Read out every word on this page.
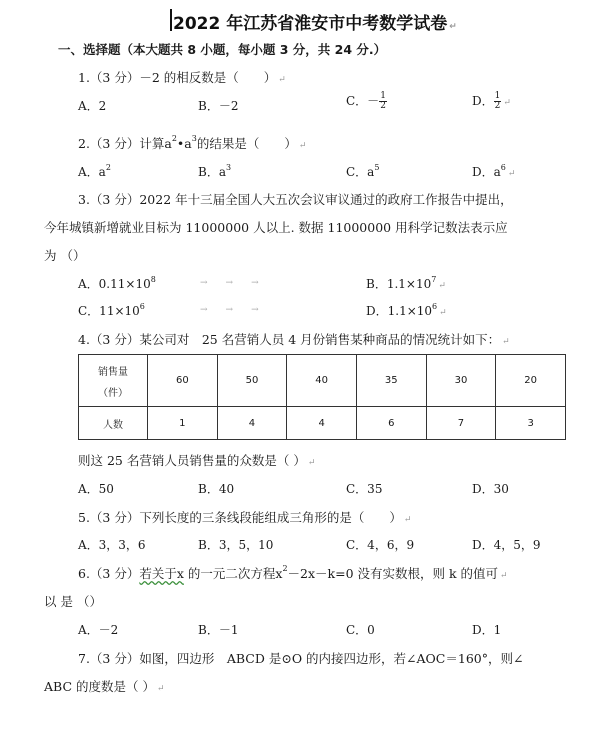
2022 年江苏省淮安市中考数学试卷 ↵
一、选择题（本大题共 8 小题，每小题 3 分，共 24 分.）
1.（3 分）－2 的相反数是（　　） ↵
A．2	B．－2	C．－ $\frac{1}{2}$	D． $\frac{1}{2}$ ↵
2.（3 分）计算$a^2•a^3$的结果是（　　） ↵
A．$a^2$	B．$a^3$	C．$a^5$	D．$a^6↵$
3.（3 分）2022 年十三届全国人大五次会议审议通过的政府工作报告中提出，
今年城镇新增就业目标为 11000000 人以上. 数据 11000000 用科学记数法表示应
为 （）
A．$0.11\times 10^8$	→　　→　　→	B．$1.1\times 10^7↵$
C．$11\times 10^6$	→　　→　　→	D．$1.1\times 10^6↵$
4.（3 分）某公司对　25 名营销人员 4 月份销售某种商品的情况统计如下： ↵
销售量
（件）	60	50	40	35	30	20
人数	1	4	4	6	7	3
则这 25 名营销人员销售量的众数是（ ） ↵
A．50	B．40	C．35	D．30
5.（3 分）下列长度的三条线段能组成三角形的是（　　） ↵
A．3，3，6	B．3，5，10	C．4，6，9	D．4，5，9
6.（3 分）若关于x 的一元二次方程$x^2-2x-k=0$ 没有实数根，则 k 的值可 ↵
以 是 （）
A．－2	B．－1	C．0	D．1
7.（3 分）如图，四边形　ABCD 是⊙O 的内接四边形，若∠AOC＝160°，则∠
ABC 的度数是（ ） ↵
